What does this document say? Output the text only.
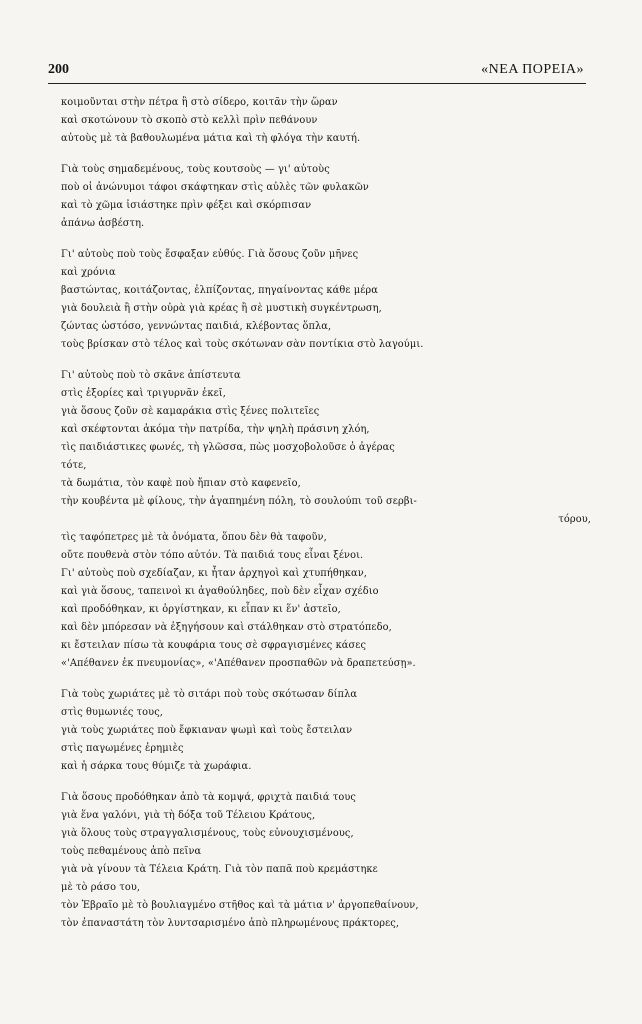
200	«ΝΕΑ ΠΟΡΕΙΑ»
κοιμοῦνται στὴν πέτρα ἢ στὸ σίδερο, κοιτᾶν τὴν ὥραν
καὶ σκοτώνουν τὸ σκοπὸ στὸ κελλὶ πρὶν πεθάνουν
αὐτοὺς μὲ τὰ βαθουλωμένα μάτια καὶ τὴ φλόγα τὴν καυτή.
Γιὰ τοὺς σημαδεμένους, τοὺς κουτσοὺς — γι' αὐτοὺς
ποὺ οἱ ἀνώνυμοι τάφοι σκάφτηκαν στὶς αὐλὲς τῶν φυλακῶν
καὶ τὸ χῶμα ἰσιάστηκε πρὶν φέξει καὶ σκόρπισαν
ἀπάνω ἀσβέστη.
Γι' αὐτοὺς ποὺ τοὺς ἔσφαξαν εὐθύς. Γιὰ ὅσους ζοῦν μῆνες
καὶ χρόνια
βαστώντας, κοιτάζοντας, ἐλπίζοντας, πηγαίνοντας κάθε μέρα
γιὰ δουλειὰ ἢ στὴν οὐρὰ γιὰ κρέας ἢ σὲ μυστικὴ συγκέντρωση,
ζώντας ὡστόσο, γεννώντας παιδιά, κλέβοντας ὅπλα,
τοὺς βρίσκαν στὸ τέλος καὶ τοὺς σκότωναν σὰν ποντίκια στὸ λαγούμι.
Γι' αὐτοὺς ποὺ τὸ σκᾶνε ἀπίστευτα
στὶς ἐξορίες καὶ τριγυρνᾶν ἐκεῖ,
γιὰ ὅσους ζοῦν σὲ καμαράκια στὶς ξένες πολιτεῖες
καὶ σκέφτονται ἀκόμα τὴν πατρίδα, τὴν ψηλὴ πράσινη χλόη,
τὶς παιδιάστικες φωνές, τὴ γλῶσσα, πὼς μοσχοβολοῦσε ὁ ἀγέρας
τότε,
τὰ δωμάτια, τὸν καφὲ ποὺ ἤπιαν στὸ καφενεῖο,
τὴν κουβέντα μὲ φίλους, τὴν ἀγαπημένη πόλη, τὸ σουλούπι τοῦ σερβι-
τόρου,
τὶς ταφόπετρες μὲ τὰ ὀνόματα, ὅπου δὲν θὰ ταφοῦν,
οὔτε πουθενὰ στὸν τόπο αὐτόν. Τὰ παιδιά τους εἶναι ξένοι.
Γι' αὐτοὺς ποὺ σχεδίαζαν, κι ἦταν ἀρχηγοὶ καὶ χτυπήθηκαν,
καὶ γιὰ ὅσους, ταπεινοὶ κι ἀγαθούληδες, ποὺ δὲν εἶχαν σχέδιο
καὶ προδόθηκαν, κι ὀργίστηκαν, κι εἶπαν κι ἕν' ἀστεῖο,
καὶ δὲν μπόρεσαν νὰ ἐξηγήσουν καὶ στάλθηκαν στὸ στρατόπεδο,
κι ἔστειλαν πίσω τὰ κουφάρια τους σὲ σφραγισμένες κάσες
«'Απέθανεν ἐκ πνευμονίας», «'Απέθανεν προσπαθῶν νὰ δραπετεύσῃ».
Γιὰ τοὺς χωριάτες μὲ τὸ σιτάρι ποὺ τοὺς σκότωσαν δίπλα
στὶς θυμωνιές τους,
γιὰ τοὺς χωριάτες ποὺ ἔφκιαναν ψωμὶ καὶ τοὺς ἔστειλαν
στὶς παγωμένες ἐρημιὲς
καὶ ἡ σάρκα τους θύμιζε τὰ χωράφια.
Γιὰ ὅσους προδόθηκαν ἀπὸ τὰ κομψά, φριχτὰ παιδιά τους
γιὰ ἕνα γαλόνι, γιὰ τὴ δόξα τοῦ Τέλειου Κράτους,
γιὰ ὅλους τοὺς στραγγαλισμένους, τοὺς εὐνουχισμένους,
τοὺς πεθαμένους ἀπὸ πεῖνα
γιὰ νὰ γίνουν τὰ Τέλεια Κράτη. Γιὰ τὸν παπᾶ ποὺ κρεμάστηκε
μὲ τὸ ράσο του,
τὸν Ἑβραῖο μὲ τὸ βουλιαγμένο στῆθος καὶ τὰ μάτια ν' ἀργοπεθαίνουν,
τὸν ἐπαναστάτη τὸν λυντσαρισμένο ἀπὸ πληρωμένους πράκτορες,
